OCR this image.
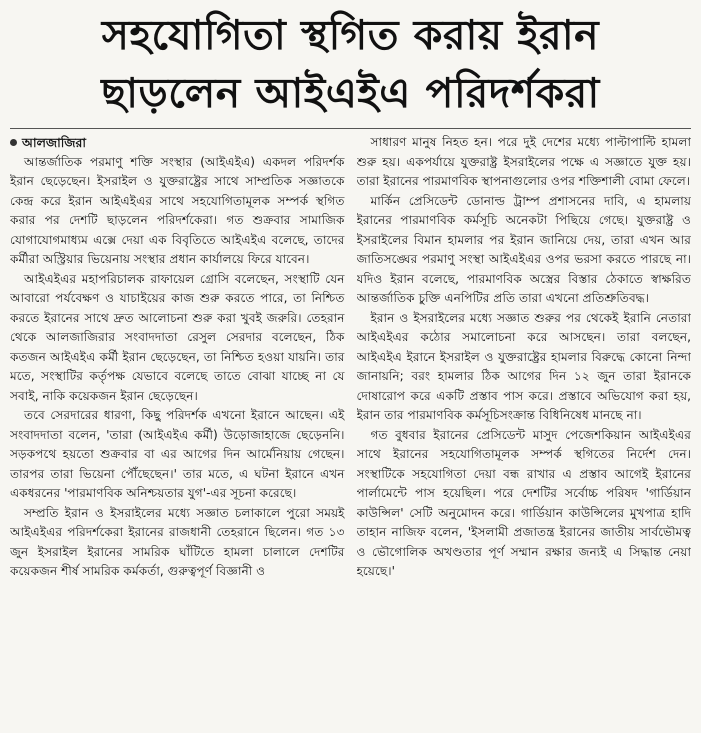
সহযোগিতা স্থগিত করায় ইরান
ছাড়লেন আইএইএ পরিদর্শকরা
আলজাজিরা

আন্তর্জাতিক পরমাণু শক্তি সংস্থার (আইএইএ) একদল পরিদর্শক ইরান ছেড়েছেন। ইসরাইল ও যুক্তরাষ্ট্রের সাথে সাম্প্রতিক সজ্ঞাতকে কেন্দ্র করে ইরান আইএইএর সাথে সহযোগিতামূলক সম্পর্ক স্থগিত করার পর দেশটি ছাড়লেন পরিদর্শকেরা। গত শুক্রবার সামাজিক যোগাযোগমাধ্যম এক্সে দেয়া এক বিবৃতিতে আইএইএ বলেছে, তাদের কর্মীরা অস্ট্রিয়ার ভিয়েনায় সংস্থার প্রধান কার্যালয়ে ফিরে যাবেন।

আইএইএর মহাপরিচালক রাফায়েল গ্রোসি বলেছেন, সংস্থাটি যেন আবারো পর্যবেক্ষণ ও যাচাইয়ের কাজ শুরু করতে পারে, তা নিশ্চিত করতে ইরানের সাথে দ্রুত আলোচনা শুরু করা খুবই জরুরি। তেহরান থেকে আলজাজিরার সংবাদদাতা রেসুল সেরদার বলেছেন, ঠিক কতজন আইএইএ কর্মী ইরান ছেড়েছেন, তা নিশ্চিত হওয়া যায়নি। তার মতে, সংস্থাটির কর্তৃপক্ষ যেভাবে বলেছে তাতে বোঝা যাচ্ছে না যে সবাই, নাকি কয়েকজন ইরান ছেড়েছেন।

তবে সেরদারের ধারণা, কিছু পরিদর্শক এখনো ইরানে আছেন। এই সংবাদদাতা বলেন, 'তারা (আইএইএ কর্মী) উড়োজাহাজে ছেড়েননি। সড়কপথে হয়তো শুক্রবার বা এর আগের দিন আর্মেনিয়ায় গেছেন। তারপর তারা ভিয়েনা পৌঁছেছেন।' তার মতে, এ ঘটনা ইরানে এখন একধরনের 'পারমাণবিক অনিশ্চয়তার যুগ'-এর সূচনা করেছে।

সম্প্রতি ইরান ও ইসরাইলের মধ্যে সজ্ঞাত চলাকালে পুরো সময়ই আইএইএর পরিদর্শকেরা ইরানের রাজধানী তেহরানে ছিলেন। গত ১৩ জুন ইসরাইল ইরানের সামরিক ঘাঁটিতে হামলা চালালে দেশটির কয়েকজন শীর্ষ সামরিক কর্মকর্তা, গুরুত্বপূর্ণ বিজ্ঞানী ও

সাধারণ মানুষ নিহত হন। পরে দুই দেশের মধ্যে পাল্টাপাল্টি হামলা শুরু হয়। একপর্যায়ে যুক্তরাষ্ট্র ইসরাইলের পক্ষে এ সজ্ঞাতে যুক্ত হয়। তারা ইরানের পারমাণবিক স্থাপনাগুলোর ওপর শক্তিশালী বোমা ফেলে।

মার্কিন প্রেসিডেন্ট ডোনাল্ড ট্রাম্প প্রশাসনের দাবি, এ হামলায় ইরানের পারমাণবিক কর্মসূচি অনেকটা পিছিয়ে গেছে। যুক্তরাষ্ট্র ও ইসরাইলের বিমান হামলার পর ইরান জানিয়ে দেয়, তারা এখন আর জাতিসঙ্ঘের পরমাণু সংস্থা আইএইএর ওপর ভরসা করতে পারছে না। যদিও ইরান বলেছে, পারমাণবিক অস্ত্রের বিস্তার ঠেকাতে স্বাক্ষরিত আন্তর্জাতিক চুক্তি এনপিটির প্রতি তারা এখনো প্রতিশ্রুতিবদ্ধ।

ইরান ও ইসরাইলের মধ্যে সজ্ঞাত শুরুর পর থেকেই ইরানি নেতারা আইএইএর কঠোর সমালোচনা করে আসছেন। তারা বলছেন, আইএইএ ইরানে ইসরাইল ও যুক্তরাষ্ট্রের হামলার বিরুদ্ধে কোনো নিন্দা জানায়নি; বরং হামলার ঠিক আগের দিন ১২ জুন তারা ইরানকে দোষারোপ করে একটি প্রস্তাব পাস করে। প্রস্তাবে অভিযোগ করা হয়, ইরান তার পারমাণবিক কর্মসূচিসংক্রান্ত বিধিনিষেধ মানছে না।

গত বুধবার ইরানের প্রেসিডেন্ট মাসুদ পেজেশকিয়ান আইএইএর সাথে ইরানের সহযোগিতামূলক সম্পর্ক স্থগিতের নির্দেশ দেন। সংস্থাটিকে সহযোগিতা দেয়া বন্ধ রাখার এ প্রস্তাব আগেই ইরানের পার্লামেন্টে পাস হয়েছিল। পরে দেশটির সর্বোচ্চ পরিষদ 'গার্ডিয়ান কাউন্সিল' সেটি অনুমোদন করে। গার্ডিয়ান কাউন্সিলের মুখপাত্র হাদি তাহান নাজিফ বলেন, 'ইসলামী প্রজাতন্ত্র ইরানের জাতীয় সার্বভৌমত্ব ও ভৌগোলিক অখণ্ডতার পূর্ণ সম্মান রক্ষার জন্যই এ সিদ্ধান্ত নেয়া হয়েছে।'
